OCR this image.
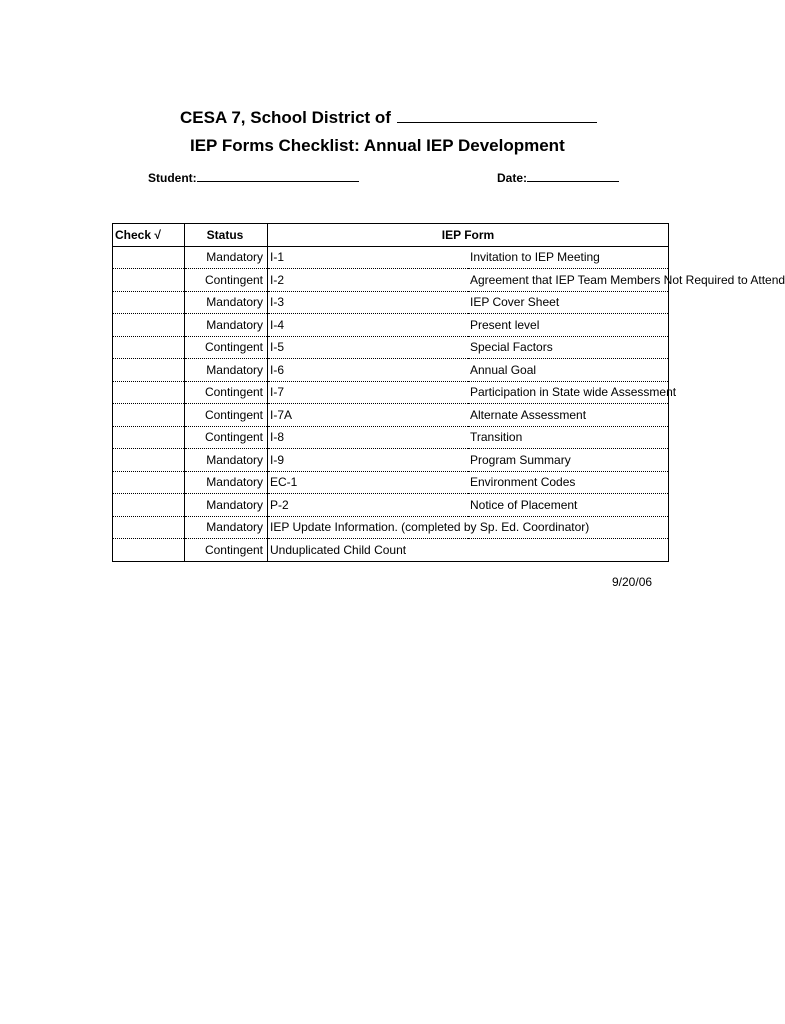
CESA 7, School District of
IEP Forms Checklist: Annual IEP Development
Student:	Date:
Check √	Status	IEP Form	
	Mandatory	I-1	Invitation to IEP Meeting
	Contingent	I-2	Agreement that IEP Team Members Not Required to Attend
	Mandatory	I-3	IEP Cover Sheet
	Mandatory	I-4	Present level
	Contingent	I-5	Special Factors
	Mandatory	I-6	Annual Goal
	Contingent	I-7	Participation in State wide Assessment
	Contingent	I-7A	Alternate Assessment
	Contingent	I-8	Transition
	Mandatory	I-9	Program Summary
	Mandatory	EC-1	Environment Codes
	Mandatory	P-2	Notice of Placement
	Mandatory	IEP Update Information. (completed by Sp. Ed. Coordinator)	
	Contingent	Unduplicated Child Count	
9/20/06
